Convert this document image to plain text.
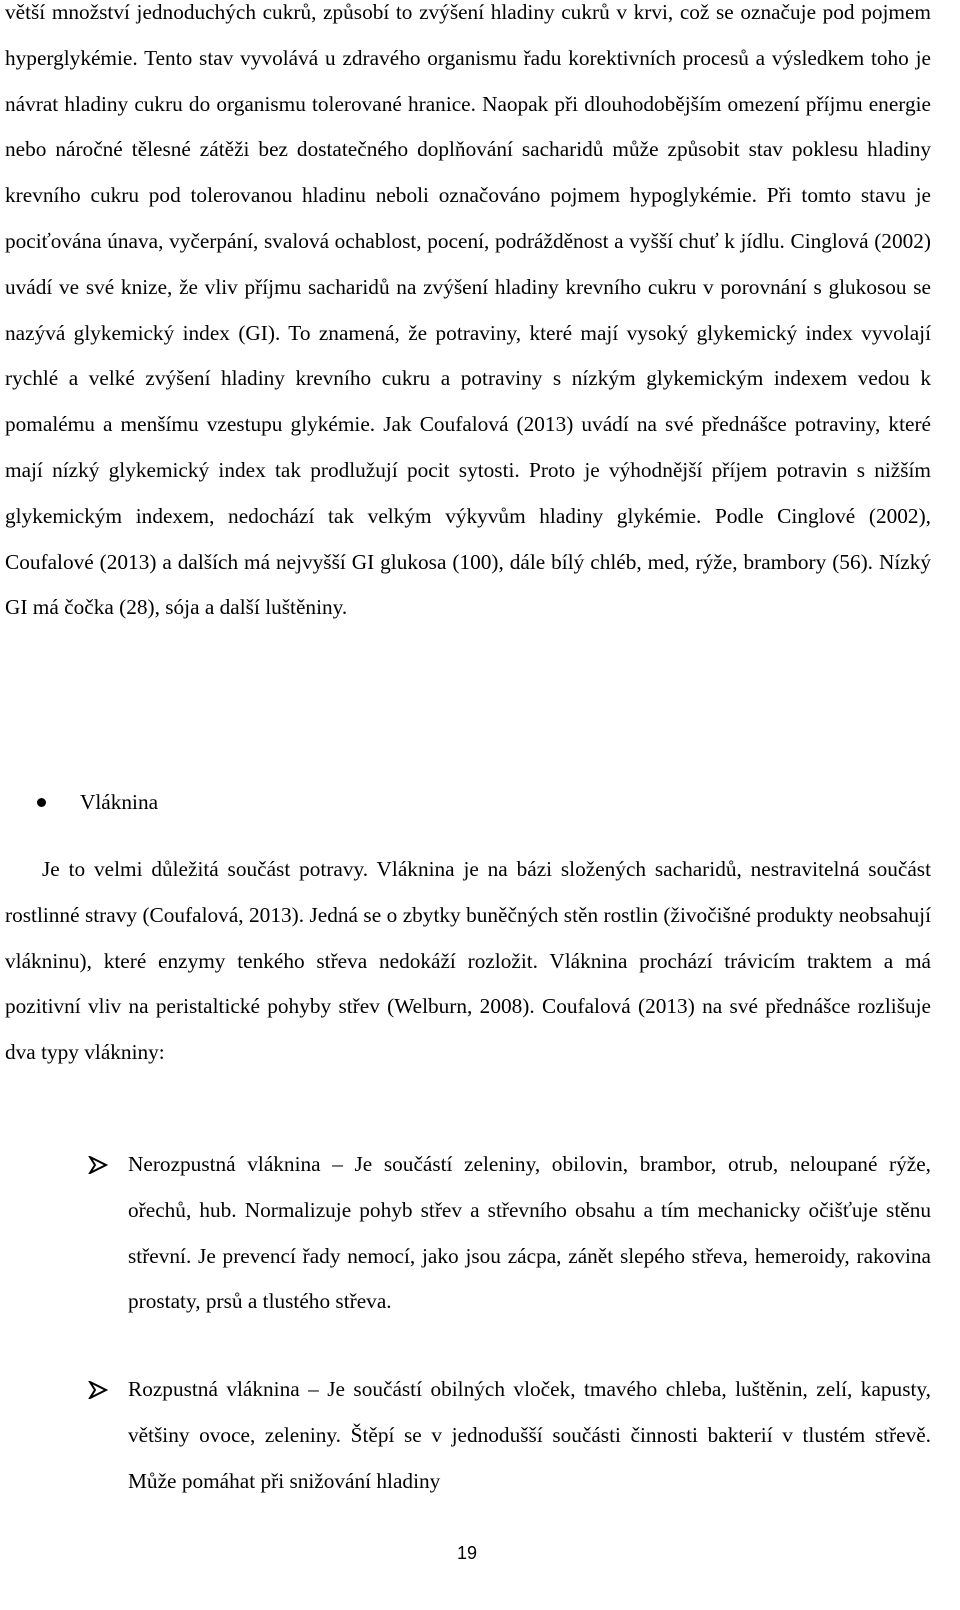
větší množství jednoduchých cukrů, způsobí to zvýšení hladiny cukrů v krvi, což se označuje pod pojmem hyperglykémie. Tento stav vyvolává u zdravého organismu řadu korektivních procesů a výsledkem toho je návrat hladiny cukru do organismu tolerované hranice. Naopak při dlouhodobějším omezení příjmu energie nebo náročné tělesné zátěži bez dostatečného doplňování sacharidů může způsobit stav poklesu hladiny krevního cukru pod tolerovanou hladinu neboli označováno pojmem hypoglykémie. Při tomto stavu je pociťována únava, vyčerpání, svalová ochablost, pocení, podrážděnost a vyšší chuť k jídlu. Cinglová (2002) uvádí ve své knize, že vliv příjmu sacharidů na zvýšení hladiny krevního cukru v porovnání s glukosou se nazývá glykemický index (GI). To znamená, že potraviny, které mají vysoký glykemický index vyvolají rychlé a velké zvýšení hladiny krevního cukru a potraviny s nízkým glykemickým indexem vedou k pomalému a menšímu vzestupu glykémie. Jak Coufalová (2013) uvádí na své přednášce potraviny, které mají nízký glykemický index tak prodlužují pocit sytosti. Proto je výhodnější příjem potravin s nižším glykemickým indexem, nedochází tak velkým výkyvům hladiny glykémie. Podle Cinglové (2002), Coufalové (2013) a dalších má nejvyšší GI glukosa (100), dále bílý chléb, med, rýže, brambory (56). Nízký GI má čočka (28), sója a další luštěniny.

Vláknina

Je to velmi důležitá součást potravy. Vláknina je na bázi složených sacharidů, nestravitelná součást rostlinné stravy (Coufalová, 2013). Jedná se o zbytky buněčných stěn rostlin (živočišné produkty neobsahují vlákninu), které enzymy tenkého střeva nedokáží rozložit. Vláknina prochází trávicím traktem a má pozitivní vliv na peristaltické pohyby střev (Welburn, 2008). Coufalová (2013) na své přednášce rozlišuje dva typy vlákniny:

Nerozpustná vláknina – Je součástí zeleniny, obilovin, brambor, otrub, neloupané rýže, ořechů, hub. Normalizuje pohyb střev a střevního obsahu a tím mechanicky očišťuje stěnu střevní. Je prevencí řady nemocí, jako jsou zácpa, zánět slepého střeva, hemeroidy, rakovina prostaty, prsů a tlustého střeva.

Rozpustná vláknina – Je součástí obilných vloček, tmavého chleba, luštěnin, zelí, kapusty, většiny ovoce, zeleniny. Štěpí se v jednodušší součásti činnosti bakterií v tlustém střevě. Může pomáhat při snižování hladiny

19
